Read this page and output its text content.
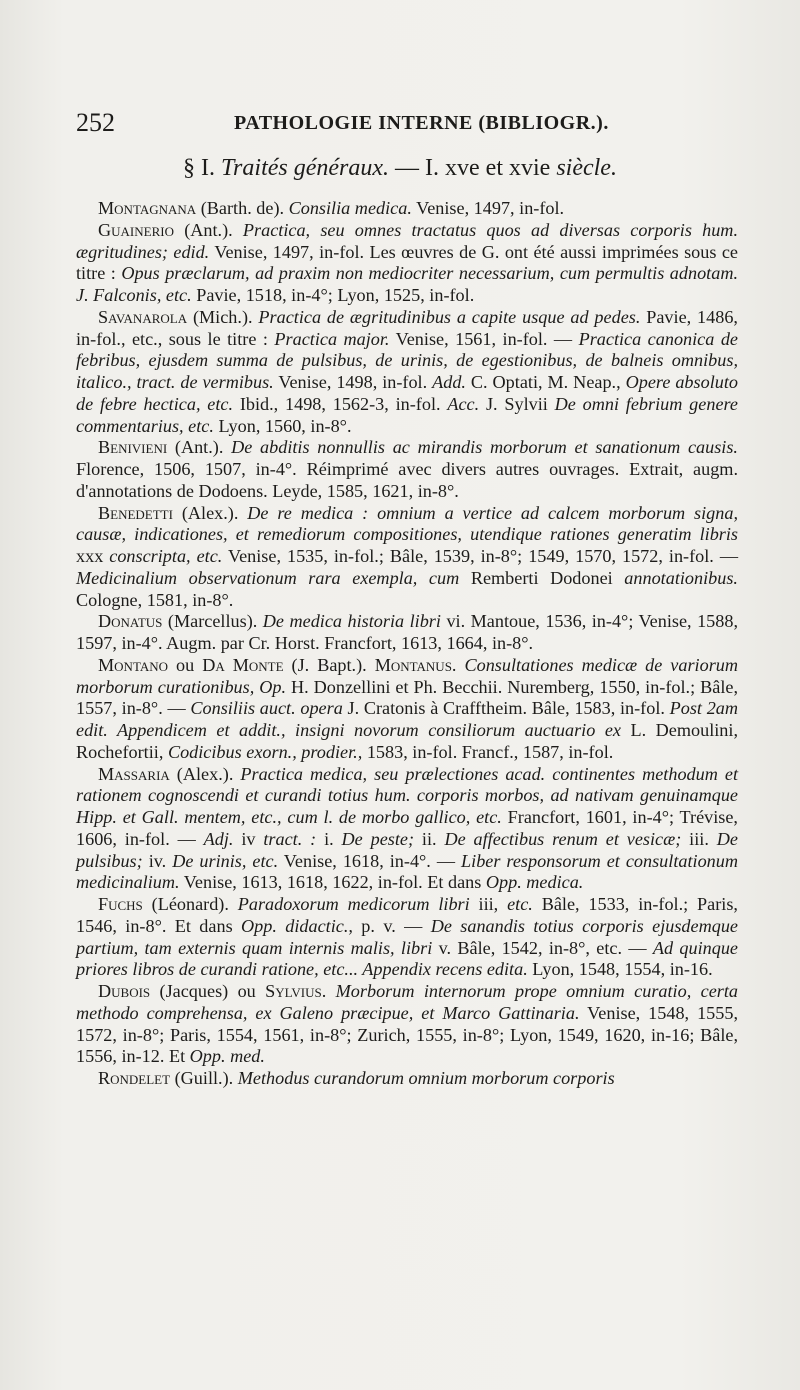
252	PATHOLOGIE INTERNE (BIBLIOGR.).
§ I. Traités généraux. — I. xve et xvie siècle.

Montagnana (Barth. de). Consilia medica. Venise, 1497, in-fol.

Guainerio (Ant.). Practica, seu omnes tractatus quos ad diversas corporis hum. ægritudines; edid. Venise, 1497, in-fol. Les œuvres de G. ont été aussi imprimées sous ce titre : Opus præclarum, ad praxim non mediocriter necessarium, cum permultis adnotam. J. Falconis, etc. Pavie, 1518, in-4°; Lyon, 1525, in-fol.

Savanarola (Mich.). Practica de ægritudinibus a capite usque ad pedes. Pavie, 1486, in-fol., etc., sous le titre : Practica major. Venise, 1561, in-fol. — Practica canonica de febribus, ejusdem summa de pulsibus, de urinis, de egestionibus, de balneis omnibus, italico., tract. de vermibus. Venise, 1498, in-fol. Add. C. Optati, M. Neap., Opere absoluto de febre hectica, etc. Ibid., 1498, 1562-3, in-fol. Acc. J. Sylvii De omni febrium genere commentarius, etc. Lyon, 1560, in-8°.

Benivieni (Ant.). De abditis nonnullis ac mirandis morborum et sanationum causis. Florence, 1506, 1507, in-4°. Réimprimé avec divers autres ouvrages. Extrait, augm. d'annotations de Dodoens. Leyde, 1585, 1621, in-8°.

Benedetti (Alex.). De re medica : omnium a vertice ad calcem morborum signa, causæ, indicationes, et remediorum compositiones, utendique rationes generatim libris xxx conscripta, etc. Venise, 1535, in-fol.; Bâle, 1539, in-8°; 1549, 1570, 1572, in-fol. — Medicinalium observationum rara exempla, cum Remberti Dodonei annotationibus. Cologne, 1581, in-8°.

Donatus (Marcellus). De medica historia libri vi. Mantoue, 1536, in-4°; Venise, 1588, 1597, in-4°. Augm. par Cr. Horst. Francfort, 1613, 1664, in-8°.

Montano ou Da Monte (J. Bapt.). Montanus. Consultationes medicæ de variorum morborum curationibus, Op. H. Donzellini et Ph. Becchii. Nuremberg, 1550, in-fol.; Bâle, 1557, in-8°. — Consiliis auct. opera J. Cratonis à Crafftheim. Bâle, 1583, in-fol. Post 2am edit. Appendicem et addit., insigni novorum consiliorum auctuario ex L. Demoulini, Rochefortii, Codicibus exorn., prodier., 1583, in-fol. Francf., 1587, in-fol.

Massaria (Alex.). Practica medica, seu prælectiones acad. continentes methodum et rationem cognoscendi et curandi totius hum. corporis morbos, ad nativam genuinamque Hipp. et Gall. mentem, etc., cum l. de morbo gallico, etc. Francfort, 1601, in-4°; Trévise, 1606, in-fol. — Adj. iv tract. : i. De peste; ii. De affectibus renum et vesicæ; iii. De pulsibus; iv. De urinis, etc. Venise, 1618, in-4°. — Liber responsorum et consultationum medicinalium. Venise, 1613, 1618, 1622, in-fol. Et dans Opp. medica.

Fuchs (Léonard). Paradoxorum medicorum libri iii, etc. Bâle, 1533, in-fol.; Paris, 1546, in-8°. Et dans Opp. didactic., p. v. — De sanandis totius corporis ejusdemque partium, tam externis quam internis malis, libri v. Bâle, 1542, in-8°, etc. — Ad quinque priores libros de curandi ratione, etc... Appendix recens edita. Lyon, 1548, 1554, in-16.

Dubois (Jacques) ou Sylvius. Morborum internorum prope omnium curatio, certa methodo comprehensa, ex Galeno præcipue, et Marco Gattinaria. Venise, 1548, 1555, 1572, in-8°; Paris, 1554, 1561, in-8°; Zurich, 1555, in-8°; Lyon, 1549, 1620, in-16; Bâle, 1556, in-12. Et Opp. med.

Rondelet (Guill.). Methodus curandorum omnium morborum corporis
